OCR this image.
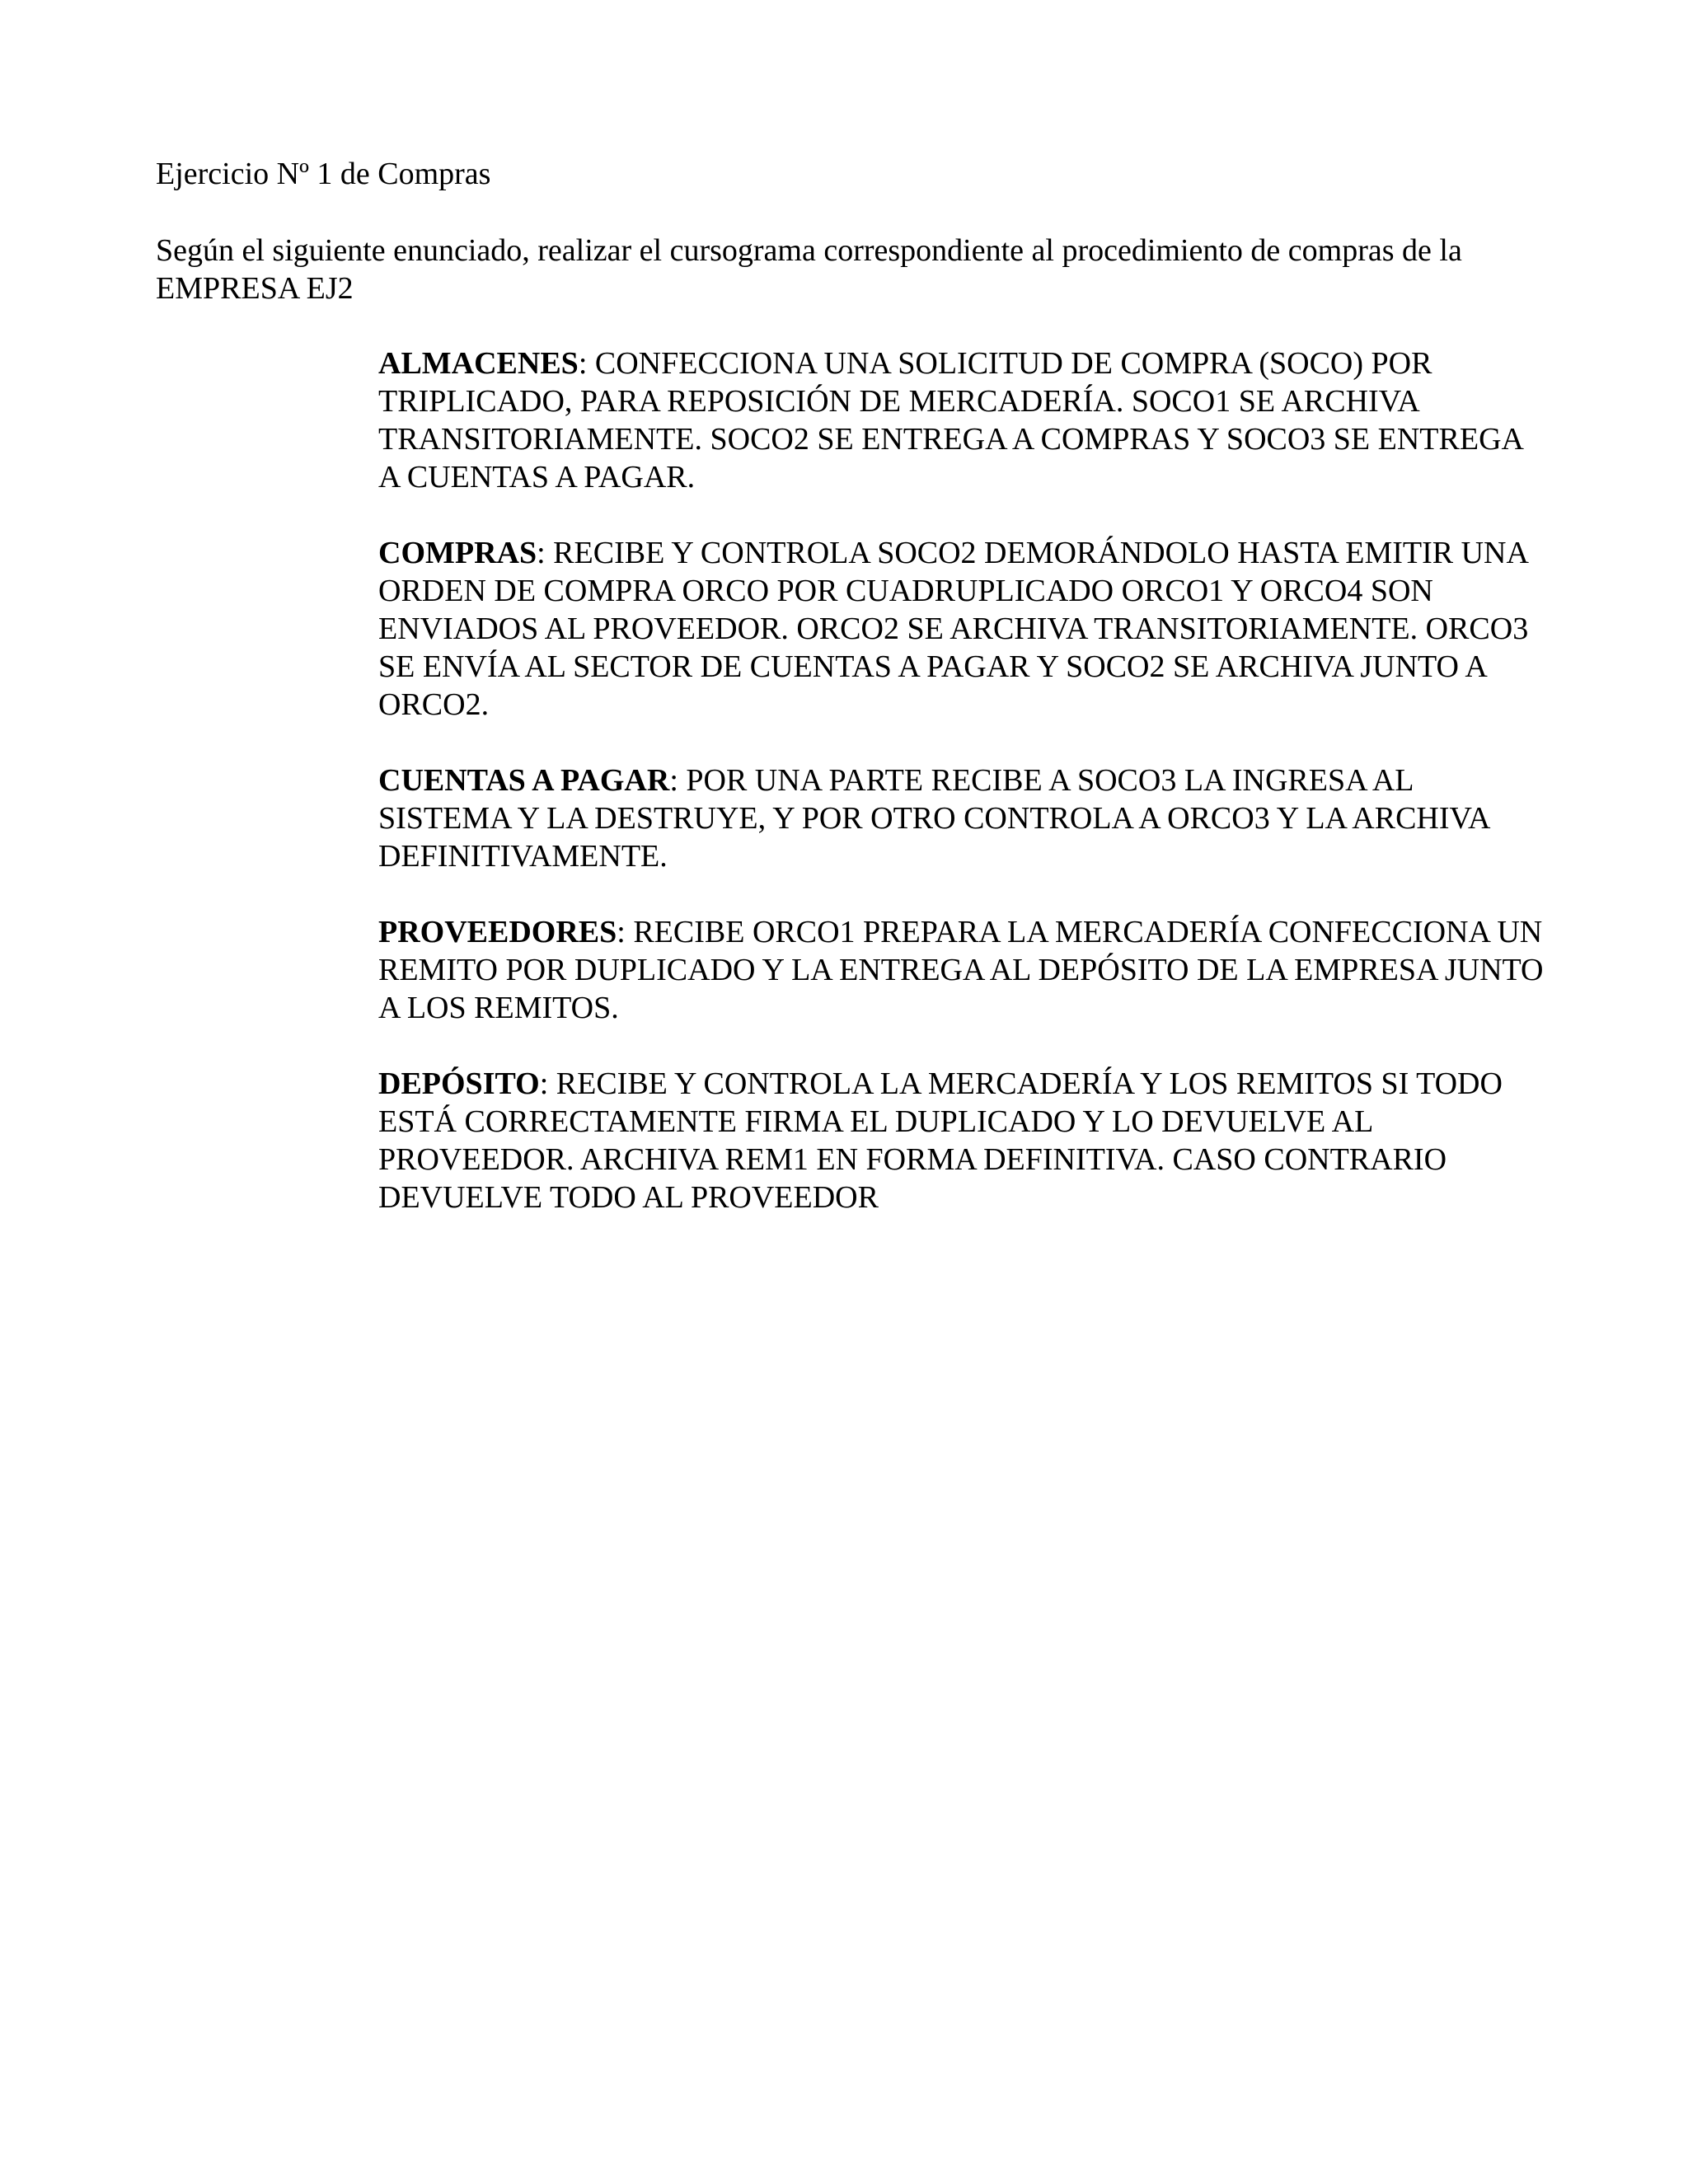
Ejercicio Nº 1 de Compras

Según el siguiente enunciado, realizar el cursograma correspondiente al procedimiento de compras de la EMPRESA EJ2

ALMACENES: CONFECCIONA UNA SOLICITUD DE COMPRA (SOCO) POR TRIPLICADO, PARA REPOSICIÓN DE MERCADERÍA. SOCO1 SE ARCHIVA TRANSITORIAMENTE. SOCO2 SE ENTREGA A COMPRAS Y SOCO3 SE ENTREGA A CUENTAS A PAGAR.

COMPRAS: RECIBE Y CONTROLA SOCO2 DEMORÁNDOLO HASTA EMITIR UNA ORDEN DE COMPRA ORCO POR CUADRUPLICADO ORCO1 Y ORCO4 SON ENVIADOS AL PROVEEDOR. ORCO2 SE ARCHIVA TRANSITORIAMENTE. ORCO3 SE ENVÍA AL SECTOR DE CUENTAS A PAGAR Y SOCO2 SE ARCHIVA JUNTO A ORCO2.

CUENTAS A PAGAR: POR UNA PARTE RECIBE A SOCO3 LA INGRESA AL SISTEMA Y LA DESTRUYE, Y POR OTRO CONTROLA A ORCO3 Y LA ARCHIVA DEFINITIVAMENTE.

PROVEEDORES: RECIBE ORCO1 PREPARA LA MERCADERÍA CONFECCIONA UN REMITO POR DUPLICADO Y LA ENTREGA AL DEPÓSITO DE LA EMPRESA JUNTO A LOS REMITOS.

DEPÓSITO: RECIBE Y CONTROLA LA MERCADERÍA Y LOS REMITOS SI TODO ESTÁ CORRECTAMENTE FIRMA EL DUPLICADO Y LO DEVUELVE AL PROVEEDOR. ARCHIVA REM1 EN FORMA DEFINITIVA. CASO CONTRARIO DEVUELVE TODO AL PROVEEDOR
